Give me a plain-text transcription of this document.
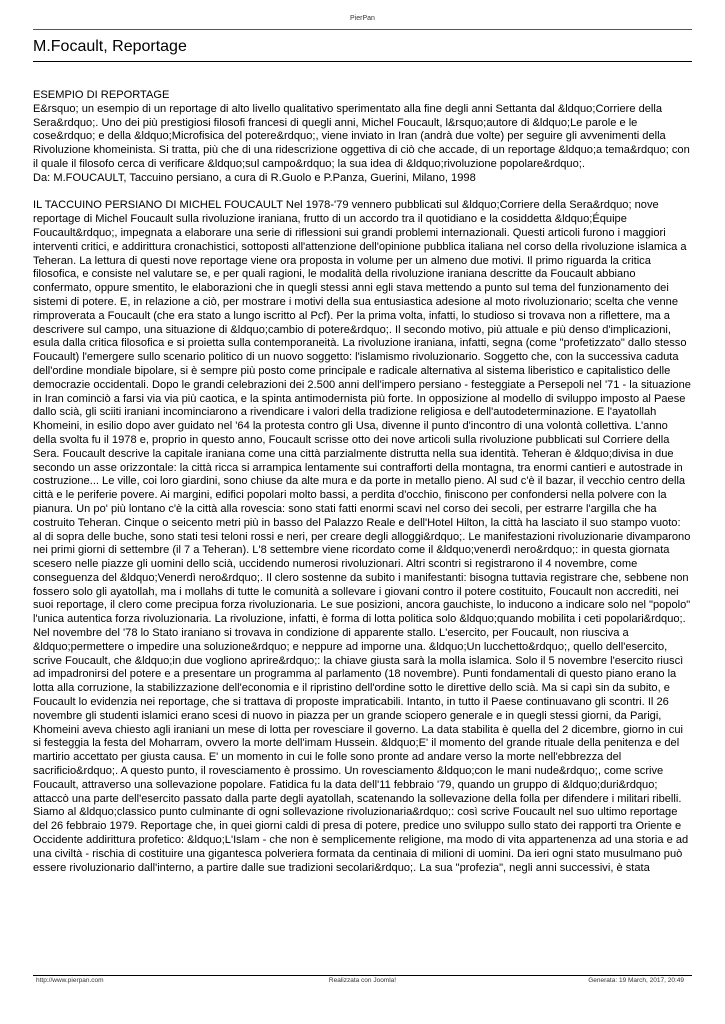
PierPan
M.Focault, Reportage

ESEMPIO DI REPORTAGE
E&rsquo; un esempio di un reportage di alto livello qualitativo sperimentato alla fine degli anni Settanta dal &ldquo;Corriere della Sera&rdquo;. Uno dei più prestigiosi filosofi francesi di quegli anni, Michel Foucault, l&rsquo;autore di &ldquo;Le parole e le cose&rdquo; e della &ldquo;Microfisica del potere&rdquo;, viene inviato in Iran (andrà due volte) per seguire gli avvenimenti della Rivoluzione khomeinista. Si tratta, più che di una ridescrizione oggettiva di ciò che accade, di un reportage &ldquo;a tema&rdquo; con il quale il filosofo cerca di verificare &ldquo;sul campo&rdquo; la sua idea di &ldquo;rivoluzione popolare&rdquo;.
Da: M.FOUCAULT, Taccuino persiano, a cura di R.Guolo e P.Panza, Guerini, Milano, 1998

IL TACCUINO PERSIANO DI MICHEL FOUCAULT Nel 1978-'79 vennero pubblicati sul &ldquo;Corriere della Sera&rdquo; nove reportage di Michel Foucault sulla rivoluzione iraniana, frutto di un accordo tra il quotidiano e la cosiddetta &ldquo;Équipe Foucault&rdquo;, impegnata a elaborare una serie di riflessioni sui grandi problemi internazionali. Questi articoli furono i maggiori interventi critici, e addirittura cronachistici, sottoposti all'attenzione dell'opinione pubblica italiana nel corso della rivoluzione islamica a Teheran. La lettura di questi nove reportage viene ora proposta in volume per un almeno due motivi. Il primo riguarda la critica filosofica, e consiste nel valutare se, e per quali ragioni, le modalità della rivoluzione iraniana descritte da Foucault abbiano confermato, oppure smentito, le elaborazioni che in quegli stessi anni egli stava mettendo a punto sul tema del funzionamento dei sistemi di potere. E, in relazione a ciò, per mostrare i motivi della sua entusiastica adesione al moto rivoluzionario; scelta che venne rimproverata a Foucault (che era stato a lungo iscritto al Pcf). Per la prima volta, infatti, lo studioso si trovava non a riflettere, ma a descrivere sul campo, una situazione di &ldquo;cambio di potere&rdquo;. Il secondo motivo, più attuale e più denso d'implicazioni, esula dalla critica filosofica e si proietta sulla contemporaneità. La rivoluzione iraniana, infatti, segna (come "profetizzato" dallo stesso Foucault) l'emergere sullo scenario politico di un nuovo soggetto: l'islamismo rivoluzionario. Soggetto che, con la successiva caduta dell'ordine mondiale bipolare, si è sempre più posto come principale e radicale alternativa al sistema liberistico e capitalistico delle democrazie occidentali. Dopo le grandi celebrazioni dei 2.500 anni dell'impero persiano - festeggiate a Persepoli nel '71 - la situazione in Iran cominciò a farsi via via più caotica, e la spinta antimodernista più forte. In opposizione al modello di sviluppo imposto al Paese dallo scià, gli sciiti iraniani incominciarono a rivendicare i valori della tradizione religiosa e dell'autodeterminazione. E l'ayatollah Khomeini, in esilio dopo aver guidato nel '64 la protesta contro gli Usa, divenne il punto d'incontro di una volontà collettiva. L'anno della svolta fu il 1978 e, proprio in questo anno, Foucault scrisse otto dei nove articoli sulla rivoluzione pubblicati sul Corriere della Sera. Foucault descrive la capitale iraniana come una città parzialmente distrutta nella sua identità. Teheran è &ldquo;divisa in due secondo un asse orizzontale: la città ricca si arrampica lentamente sui contrafforti della montagna, tra enormi cantieri e autostrade in costruzione... Le ville, coi loro giardini, sono chiuse da alte mura e da porte in metallo pieno. Al sud c'è il bazar, il vecchio centro della città e le periferie povere. Ai margini, edifici popolari molto bassi, a perdita d'occhio, finiscono per confondersi nella polvere con la pianura. Un po' più lontano c'è la città alla rovescia: sono stati fatti enormi scavi nel corso dei secoli, per estrarre l'argilla che ha costruito Teheran. Cinque o seicento metri più in basso del Palazzo Reale e dell'Hotel Hilton, la città ha lasciato il suo stampo vuoto: al di sopra delle buche, sono stati tesi teloni rossi e neri, per creare degli alloggi&rdquo;. Le manifestazioni rivoluzionarie divamparono nei primi giorni di settembre (il 7 a Teheran). L'8 settembre viene ricordato come il &ldquo;venerdì nero&rdquo;: in questa giornata scesero nelle piazze gli uomini dello scià, uccidendo numerosi rivoluzionari. Altri scontri si registrarono il 4 novembre, come conseguenza del &ldquo;Venerdì nero&rdquo;. Il clero sostenne da subito i manifestanti: bisogna tuttavia registrare che, sebbene non fossero solo gli ayatollah, ma i mollahs di tutte le comunità a sollevare i giovani contro il potere costituito, Foucault non accrediti, nei suoi reportage, il clero come precipua forza rivoluzionaria. Le sue posizioni, ancora gauchiste, lo inducono a indicare solo nel "popolo" l'unica autentica forza rivoluzionaria. La rivoluzione, infatti, è forma di lotta politica solo &ldquo;quando mobilita i ceti popolari&rdquo;. Nel novembre del '78 lo Stato iraniano si trovava in condizione di apparente stallo. L'esercito, per Foucault, non riusciva a &ldquo;permettere o impedire una soluzione&rdquo; e neppure ad imporne una. &ldquo;Un lucchetto&rdquo;, quello dell'esercito, scrive Foucault, che &ldquo;in due vogliono aprire&rdquo;: la chiave giusta sarà la molla islamica. Solo il 5 novembre l'esercito riuscì ad impadronirsi del potere e a presentare un programma al parlamento (18 novembre). Punti fondamentali di questo piano erano la lotta alla corruzione, la stabilizzazione dell'economia e il ripristino dell'ordine sotto le direttive dello scià. Ma si capì sin da subito, e Foucault lo evidenzia nei reportage, che si trattava di proposte impraticabili. Intanto, in tutto il Paese continuavano gli scontri. Il 26 novembre gli studenti islamici erano scesi di nuovo in piazza per un grande sciopero generale e in quegli stessi giorni, da Parigi, Khomeini aveva chiesto agli iraniani un mese di lotta per rovesciare il governo. La data stabilita è quella del 2 dicembre, giorno in cui si festeggia la festa del Moharram, ovvero la morte dell'imam Hussein. &ldquo;E' il momento del grande rituale della penitenza e del martirio accettato per giusta causa. E' un momento in cui le folle sono pronte ad andare verso la morte nell'ebbrezza del sacrificio&rdquo;. A questo punto, il rovesciamento è prossimo. Un rovesciamento &ldquo;con le mani nude&rdquo;, come scrive Foucault, attraverso una sollevazione popolare. Fatidica fu la data dell'11 febbraio '79, quando un gruppo di &ldquo;duri&rdquo; attaccò una parte dell'esercito passato dalla parte degli ayatollah, scatenando la sollevazione della folla per difendere i militari ribelli. Siamo al &ldquo;classico punto culminante di ogni sollevazione rivoluzionaria&rdquo;: così scrive Foucault nel suo ultimo reportage del 26 febbraio 1979. Reportage che, in quei giorni caldi di presa di potere, predice uno sviluppo sullo stato dei rapporti tra Oriente e Occidente addirittura profetico: &ldquo;L'Islam - che non è semplicemente religione, ma modo di vita appartenenza ad una storia e ad una civiltà - rischia di costituire una gigantesca polveriera formata da centinaia di milioni di uomini. Da ieri ogni stato musulmano può essere rivoluzionario dall'interno, a partire dalle sue tradizioni secolari&rdquo;. La sua "profezia", negli anni successivi, è stata

http://www.pierpan.com	Realizzata con Joomla!	Generata: 19 March, 2017, 20:49
